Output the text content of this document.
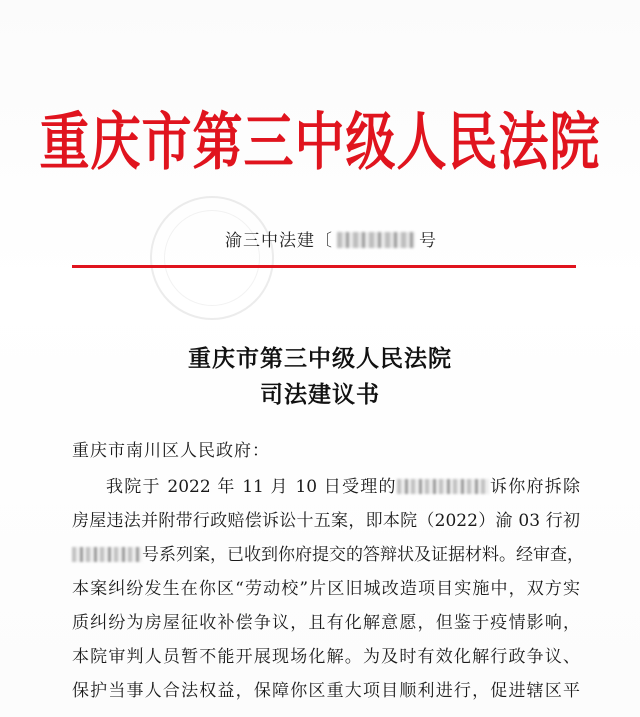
重庆市第三中级人民法院
渝三中法建〔	号
重庆市第三中级人民法院
司法建议书
重庆市南川区人民政府：
我院于 2022 年 11 月 10 日受理的	诉你府拆除
房屋违法并附带行政赔偿诉讼十五案，即本院（2022）渝 03 行初
号系列案，已收到你府提交的答辩状及证据材料。经审查，
本案纠纷发生在你区“劳动校”片区旧城改造项目实施中，双方实
质纠纷为房屋征收补偿争议，且有化解意愿，但鉴于疫情影响，
本院审判人员暂不能开展现场化解。为及时有效化解行政争议、
保护当事人合法权益，保障你区重大项目顺利进行，促进辖区平
